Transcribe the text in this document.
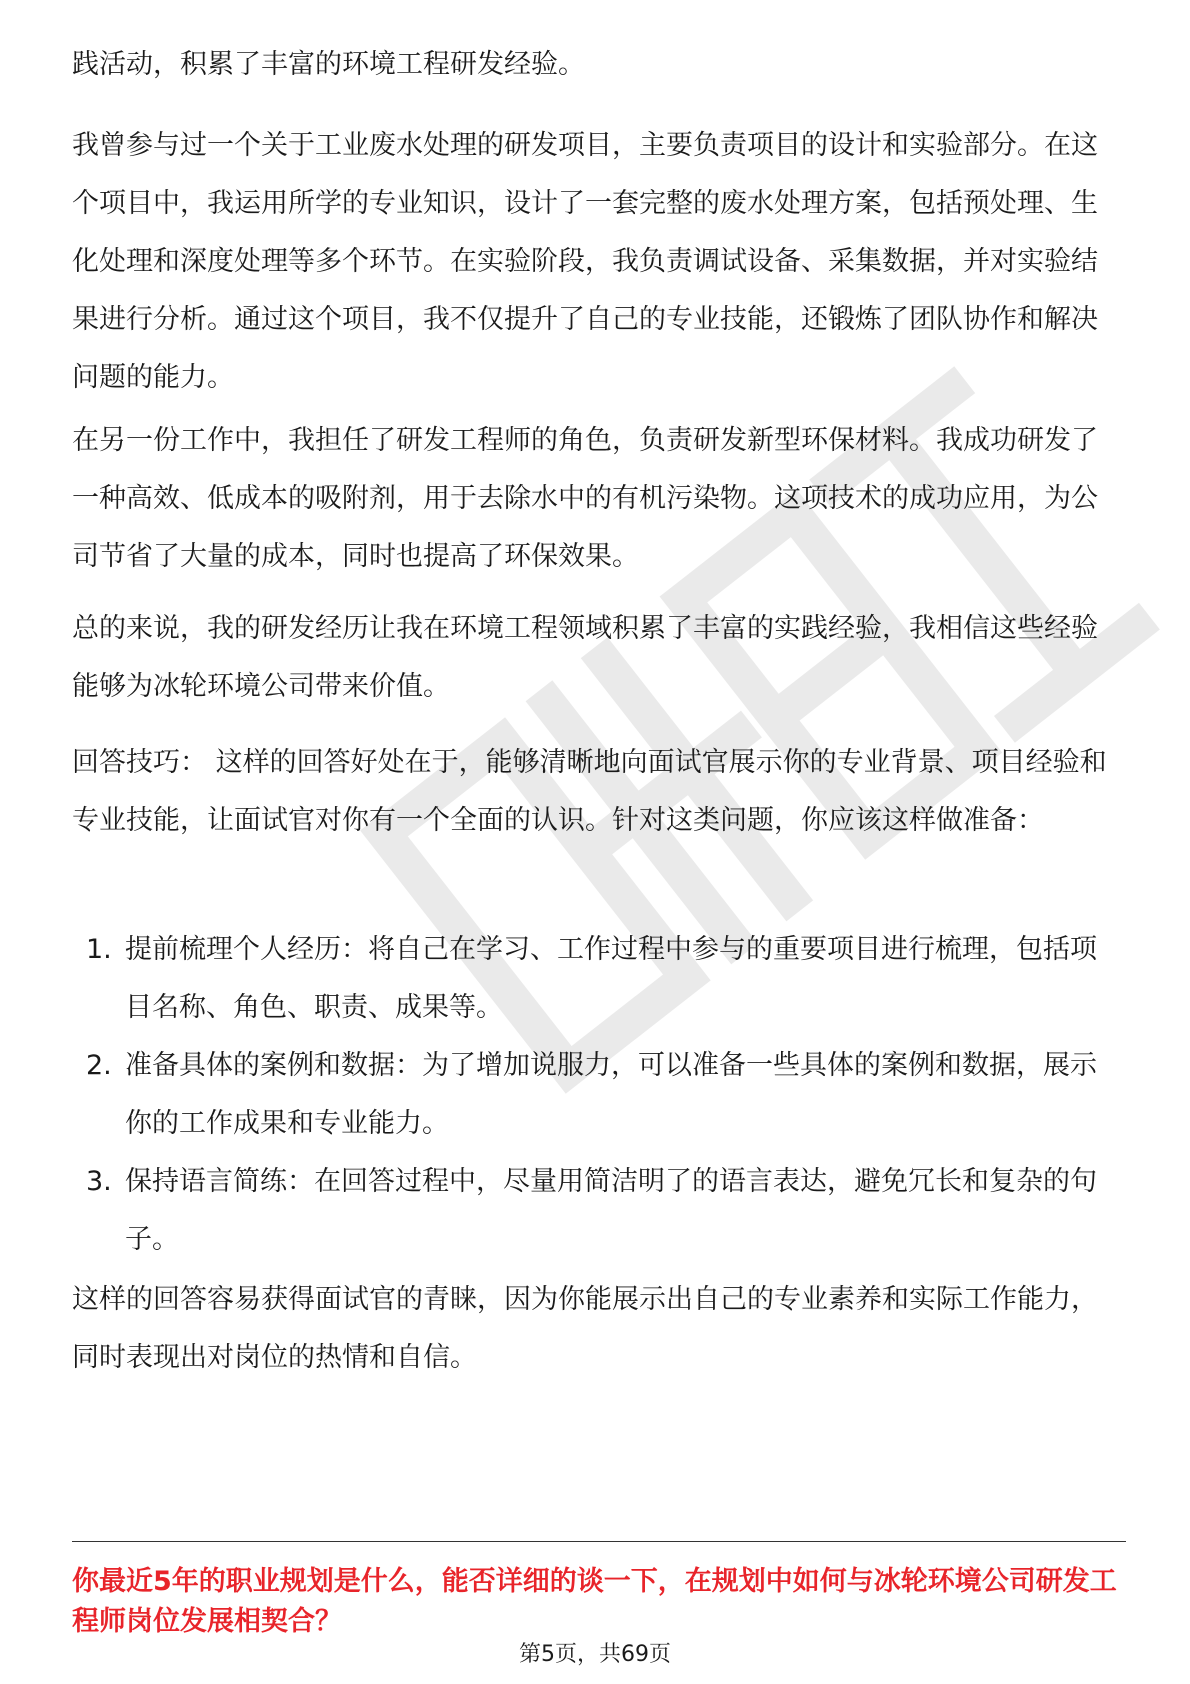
践活动，积累了丰富的环境工程研发经验。

我曾参与过一个关于工业废水处理的研发项目，主要负责项目的设计和实验部分。在这个项目中，我运用所学的专业知识，设计了一套完整的废水处理方案，包括预处理、生化处理和深度处理等多个环节。在实验阶段，我负责调试设备、采集数据，并对实验结果进行分析。通过这个项目，我不仅提升了自己的专业技能，还锻炼了团队协作和解决问题的能力。

在另一份工作中，我担任了研发工程师的角色，负责研发新型环保材料。我成功研发了一种高效、低成本的吸附剂，用于去除水中的有机污染物。这项技术的成功应用，为公司节省了大量的成本，同时也提高了环保效果。

总的来说，我的研发经历让我在环境工程领域积累了丰富的实践经验，我相信这些经验能够为冰轮环境公司带来价值。

回答技巧： 这样的回答好处在于，能够清晰地向面试官展示你的专业背景、项目经验和专业技能，让面试官对你有一个全面的认识。针对这类问题，你应该这样做准备：

1. 提前梳理个人经历：将自己在学习、工作过程中参与的重要项目进行梳理，包括项目名称、角色、职责、成果等。
2. 准备具体的案例和数据：为了增加说服力，可以准备一些具体的案例和数据，展示你的工作成果和专业能力。
3. 保持语言简练：在回答过程中，尽量用简洁明了的语言表达，避免冗长和复杂的句子。

这样的回答容易获得面试官的青睐，因为你能展示出自己的专业素养和实际工作能力，同时表现出对岗位的热情和自信。

你最近5年的职业规划是什么，能否详细的谈一下，在规划中如何与冰轮环境公司研发工程师岗位发展相契合？

第5页，共69页
